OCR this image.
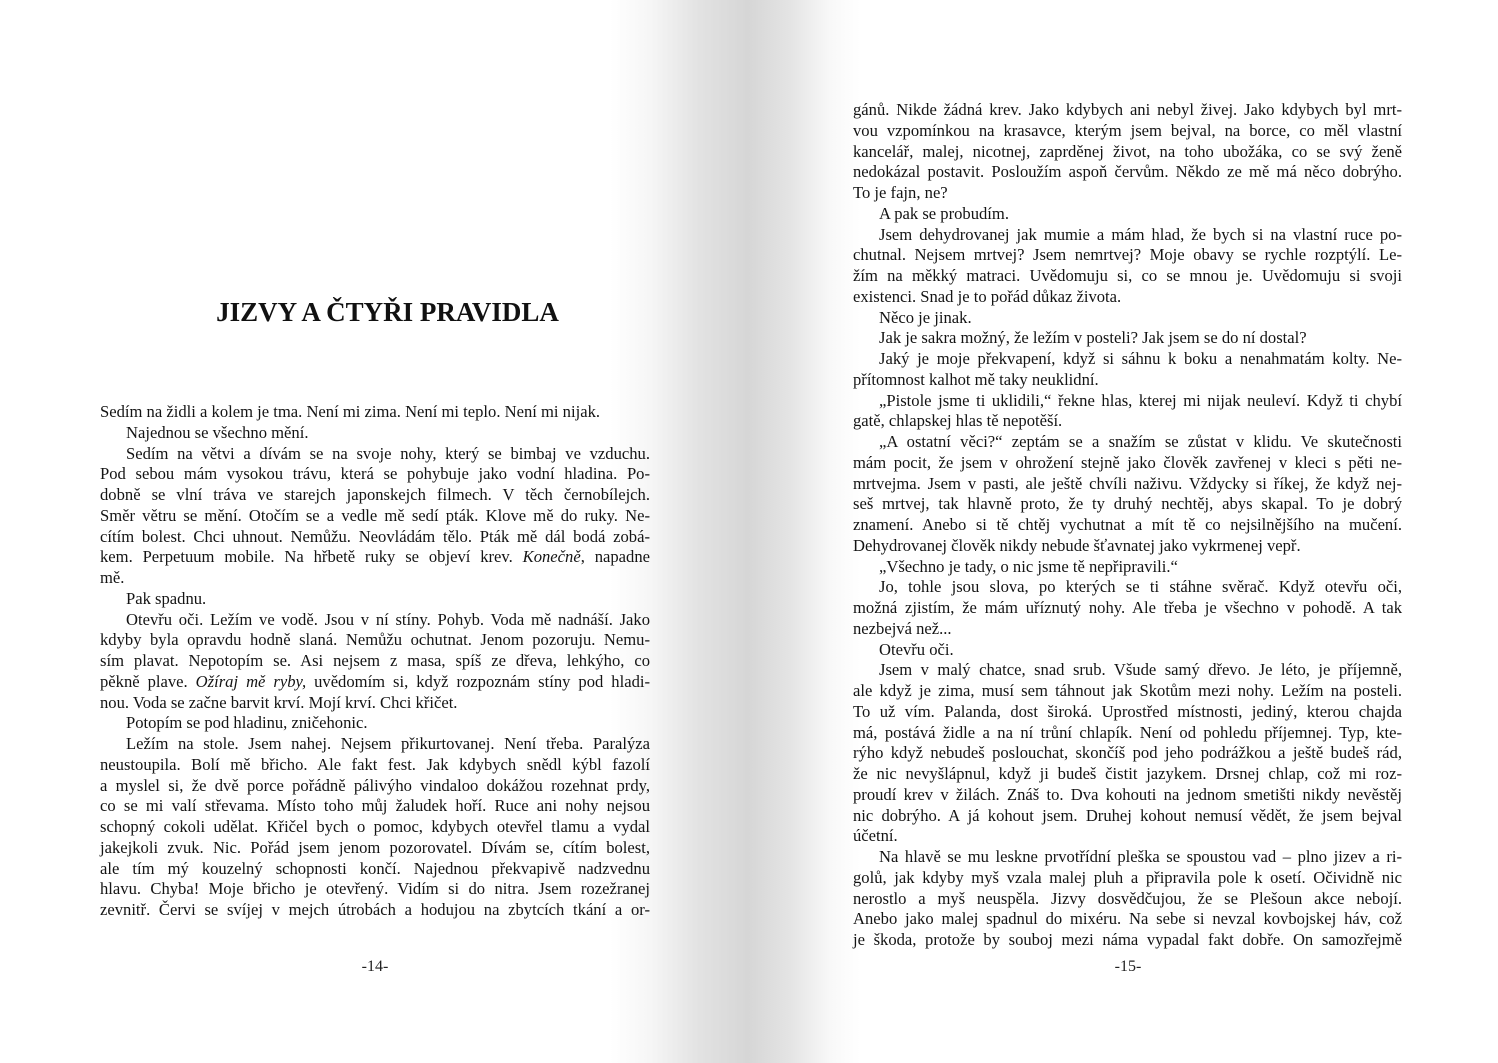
JIZVY A ČTYŘI PRAVIDLA
Sedím na židli a kolem je tma. Není mi zima. Není mi teplo. Není mi nijak.
Najednou se všechno mění.
Sedím na větvi a dívám se na svoje nohy, který se bimbaj ve vzduchu.
Pod sebou mám vysokou trávu, která se pohybuje jako vodní hladina. Po-
dobně se vlní tráva ve starejch japonskejch filmech. V těch černobílejch.
Směr větru se mění. Otočím se a vedle mě sedí pták. Klove mě do ruky. Ne-
cítím bolest. Chci uhnout. Nemůžu. Neovládám tělo. Pták mě dál bodá zobá-
kem. Perpetuum mobile. Na hřbetě ruky se objeví krev. Konečně, napadne
mě.
Pak spadnu.
Otevřu oči. Ležím ve vodě. Jsou v ní stíny. Pohyb. Voda mě nadnáší. Jako
kdyby byla opravdu hodně slaná. Nemůžu ochutnat. Jenom pozoruju. Nemu-
sím plavat. Nepotopím se. Asi nejsem z masa, spíš ze dřeva, lehkýho, co
pěkně plave. Ožíraj mě ryby, uvědomím si, když rozpoznám stíny pod hladi-
nou. Voda se začne barvit krví. Mojí krví. Chci křičet.
Potopím se pod hladinu, zničehonic.
Ležím na stole. Jsem nahej. Nejsem přikurtovanej. Není třeba. Paralýza
neustoupila. Bolí mě břicho. Ale fakt fest. Jak kdybych snědl kýbl fazolí
a myslel si, že dvě porce pořádně pálivýho vindaloo dokážou rozehnat prdy,
co se mi valí střevama. Místo toho můj žaludek hoří. Ruce ani nohy nejsou
schopný cokoli udělat. Křičel bych o pomoc, kdybych otevřel tlamu a vydal
jakejkoli zvuk. Nic. Pořád jsem jenom pozorovatel. Dívám se, cítím bolest,
ale tím mý kouzelný schopnosti končí. Najednou překvapivě nadzvednu
hlavu. Chyba! Moje břicho je otevřený. Vidím si do nitra. Jsem rozežranej
zevnitř. Červi se svíjej v mejch útrobách a hodujou na zbytcích tkání a or-

-14-

gánů. Nikde žádná krev. Jako kdybych ani nebyl živej. Jako kdybych byl mrt-
vou vzpomínkou na krasavce, kterým jsem bejval, na borce, co měl vlastní
kancelář, malej, nicotnej, zaprděnej život, na toho ubožáka, co se svý ženě
nedokázal postavit. Posloužím aspoň červům. Někdo ze mě má něco dobrýho.
To je fajn, ne?
A pak se probudím.
Jsem dehydrovanej jak mumie a mám hlad, že bych si na vlastní ruce po-
chutnal. Nejsem mrtvej? Jsem nemrtvej? Moje obavy se rychle rozptýlí. Le-
žím na měkký matraci. Uvědomuju si, co se mnou je. Uvědomuju si svoji
existenci. Snad je to pořád důkaz života.
Něco je jinak.
Jak je sakra možný, že ležím v posteli? Jak jsem se do ní dostal?
Jaký je moje překvapení, když si sáhnu k boku a nenahmatám kolty. Ne-
přítomnost kalhot mě taky neuklidní.
„Pistole jsme ti uklidili,“ řekne hlas, kterej mi nijak neuleví. Když ti chybí
gatě, chlapskej hlas tě nepotěší.
„A ostatní věci?“ zeptám se a snažím se zůstat v klidu. Ve skutečnosti
mám pocit, že jsem v ohrožení stejně jako člověk zavřenej v kleci s pěti ne-
mrtvejma. Jsem v pasti, ale ještě chvíli naživu. Vždycky si říkej, že když nej-
seš mrtvej, tak hlavně proto, že ty druhý nechtěj, abys skapal. To je dobrý
znamení. Anebo si tě chtěj vychutnat a mít tě co nejsilnějšího na mučení.
Dehydrovanej člověk nikdy nebude šťavnatej jako vykrmenej vepř.
„Všechno je tady, o nic jsme tě nepřipravili.“
Jo, tohle jsou slova, po kterých se ti stáhne svěrač. Když otevřu oči,
možná zjistím, že mám uříznutý nohy. Ale třeba je všechno v pohodě. A tak
nezbejvá než...
Otevřu oči.
Jsem v malý chatce, snad srub. Všude samý dřevo. Je léto, je příjemně,
ale když je zima, musí sem táhnout jak Skotům mezi nohy. Ležím na posteli.
To už vím. Palanda, dost široká. Uprostřed místnosti, jediný, kterou chajda
má, postává židle a na ní trůní chlapík. Není od pohledu příjemnej. Typ, kte-
rýho když nebudeš poslouchat, skončíš pod jeho podrážkou a ještě budeš rád,
že nic nevyšlápnul, když ji budeš čistit jazykem. Drsnej chlap, což mi roz-
proudí krev v žilách. Znáš to. Dva kohouti na jednom smetišti nikdy nevěstěj
nic dobrýho. A já kohout jsem. Druhej kohout nemusí vědět, že jsem bejval
účetní.
Na hlavě se mu leskne prvotřídní pleška se spoustou vad – plno jizev a ri-
golů, jak kdyby myš vzala malej pluh a připravila pole k osetí. Očividně nic
nerostlo a myš neuspěla. Jizvy dosvědčujou, že se Plešoun akce nebojí.
Anebo jako malej spadnul do mixéru. Na sebe si nevzal kovbojskej háv, což
je škoda, protože by souboj mezi náma vypadal fakt dobře. On samozřejmě

-15-
